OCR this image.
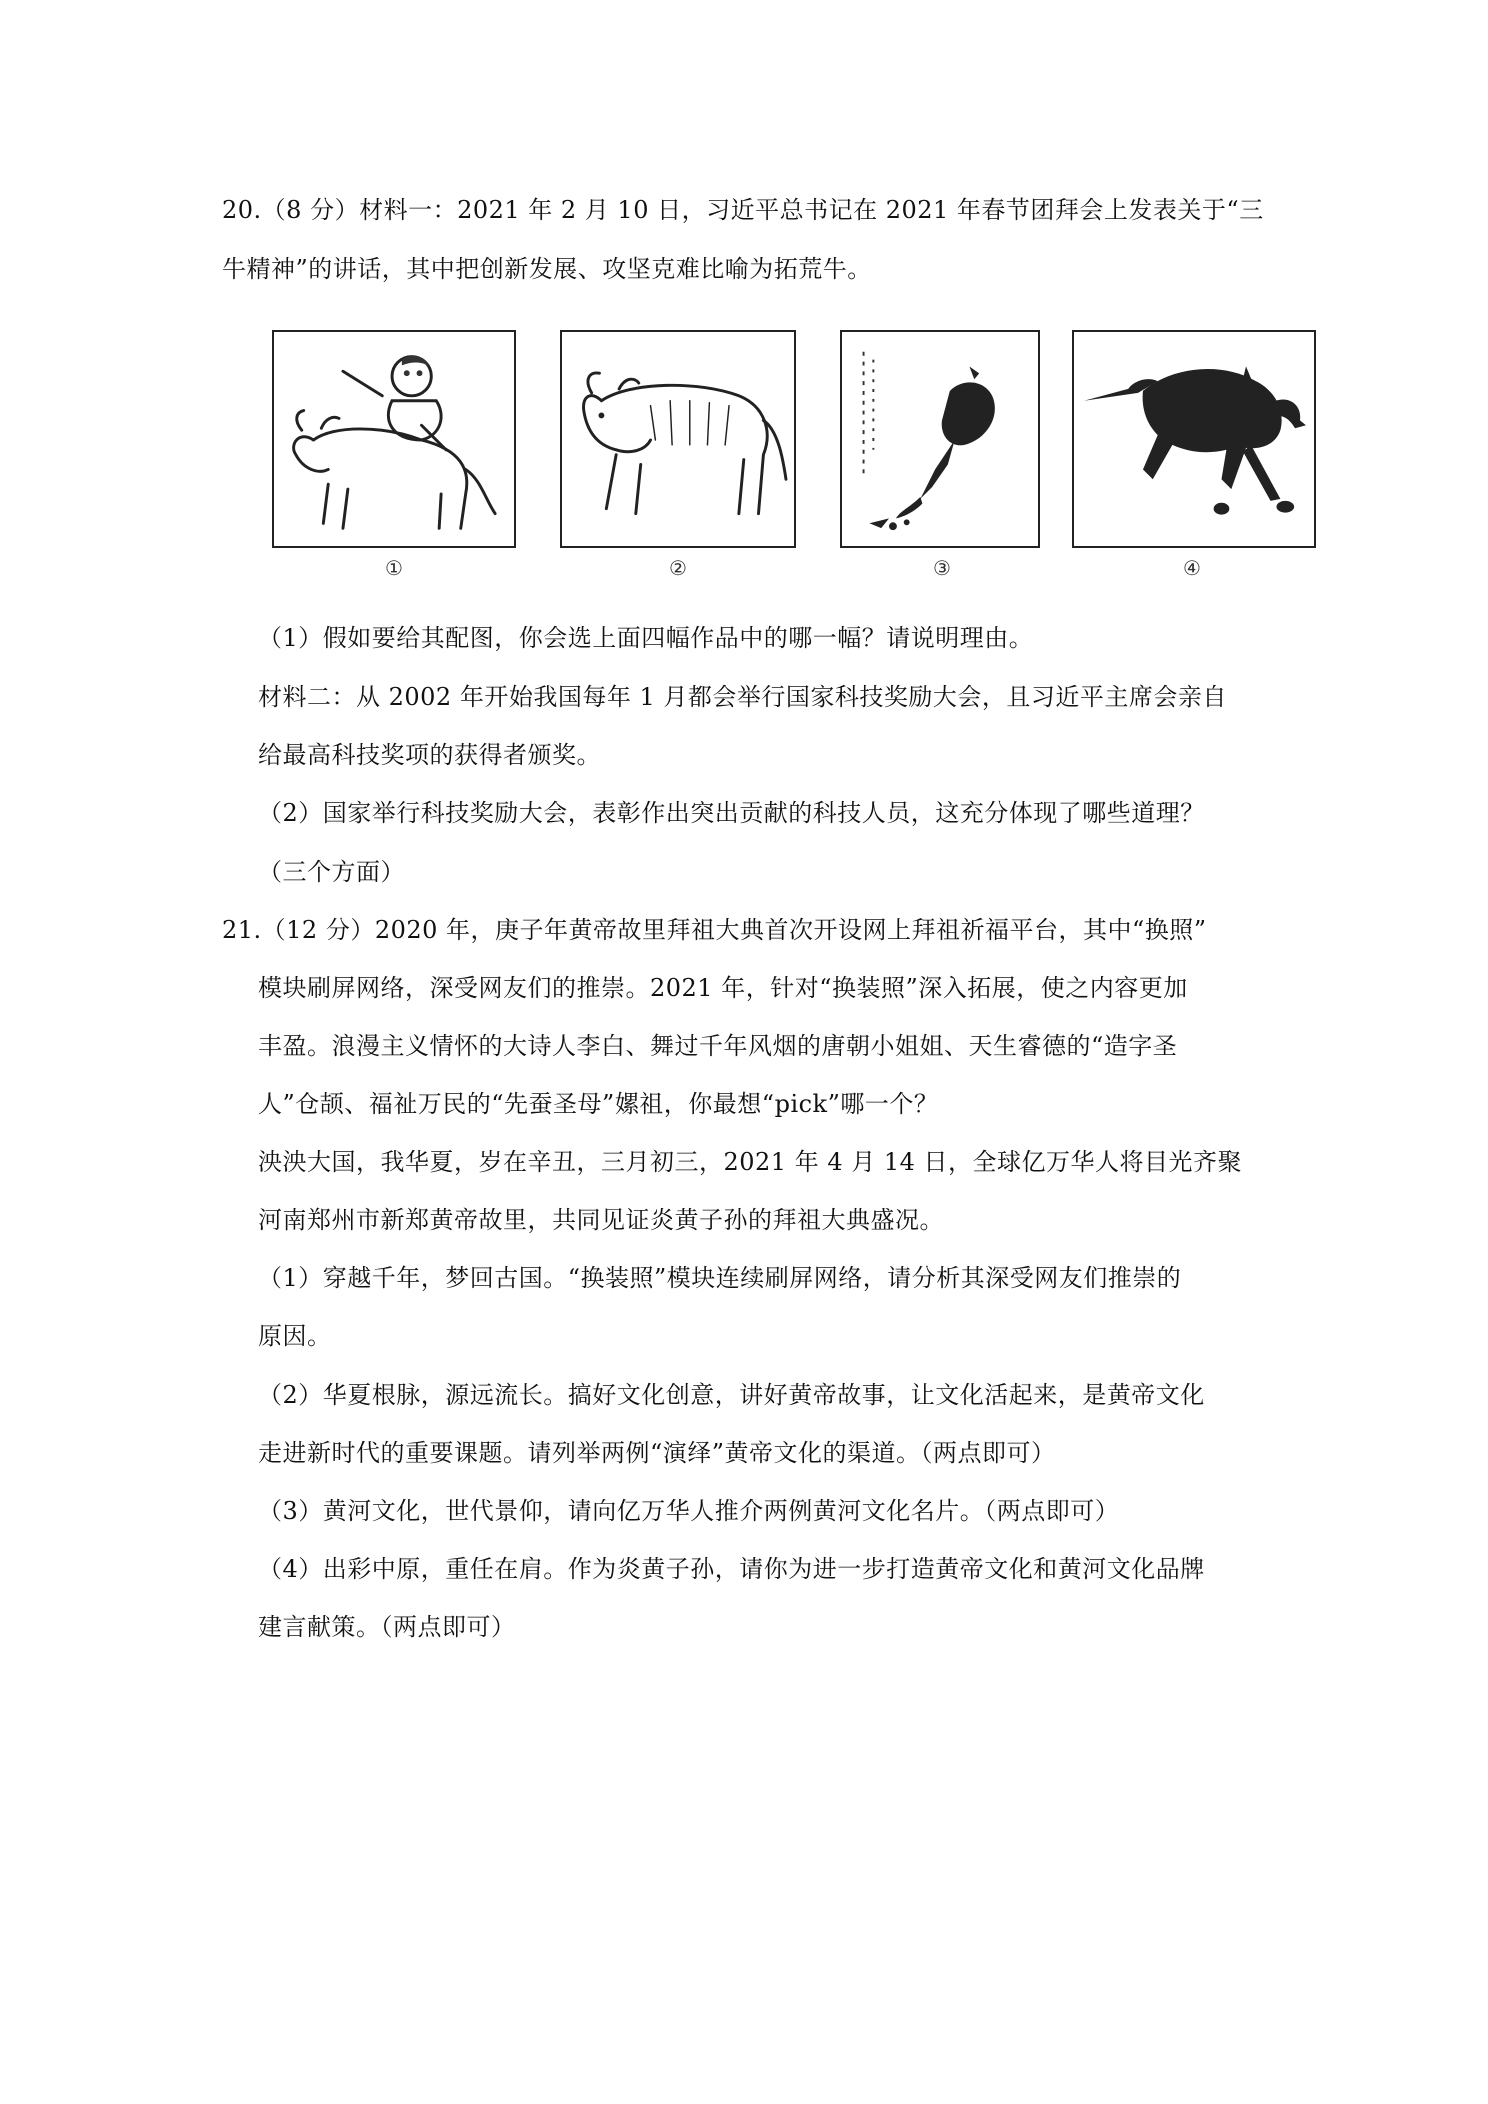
20.（8 分）材料一：2021 年 2 月 10 日，习近平总书记在 2021 年春节团拜会上发表关于“三
牛精神”的讲话，其中把创新发展、攻坚克难比喻为拓荒牛。
①	②	③	④
（1）假如要给其配图，你会选上面四幅作品中的哪一幅？请说明理由。
材料二：从 2002 年开始我国每年 1 月都会举行国家科技奖励大会，且习近平主席会亲自
给最高科技奖项的获得者颁奖。
（2）国家举行科技奖励大会，表彰作出突出贡献的科技人员，这充分体现了哪些道理？
（三个方面）
21.（12 分）2020 年，庚子年黄帝故里拜祖大典首次开设网上拜祖祈福平台，其中“换照”
模块刷屏网络，深受网友们的推崇。2021 年，针对“换装照”深入拓展，使之内容更加
丰盈。浪漫主义情怀的大诗人李白、舞过千年风烟的唐朝小姐姐、天生睿德的“造字圣
人”仓颉、福祉万民的“先蚕圣母”嫘祖，你最想“pick”哪一个？
泱泱大国，我华夏，岁在辛丑，三月初三，2021 年 4 月 14 日，全球亿万华人将目光齐聚
河南郑州市新郑黄帝故里，共同见证炎黄子孙的拜祖大典盛况。
（1）穿越千年，梦回古国。“换装照”模块连续刷屏网络，请分析其深受网友们推崇的
原因。
（2）华夏根脉，源远流长。搞好文化创意，讲好黄帝故事，让文化活起来，是黄帝文化
走进新时代的重要课题。请列举两例“演绎”黄帝文化的渠道。（两点即可）
（3）黄河文化，世代景仰，请向亿万华人推介两例黄河文化名片。（两点即可）
（4）出彩中原，重任在肩。作为炎黄子孙，请你为进一步打造黄帝文化和黄河文化品牌
建言献策。（两点即可）
